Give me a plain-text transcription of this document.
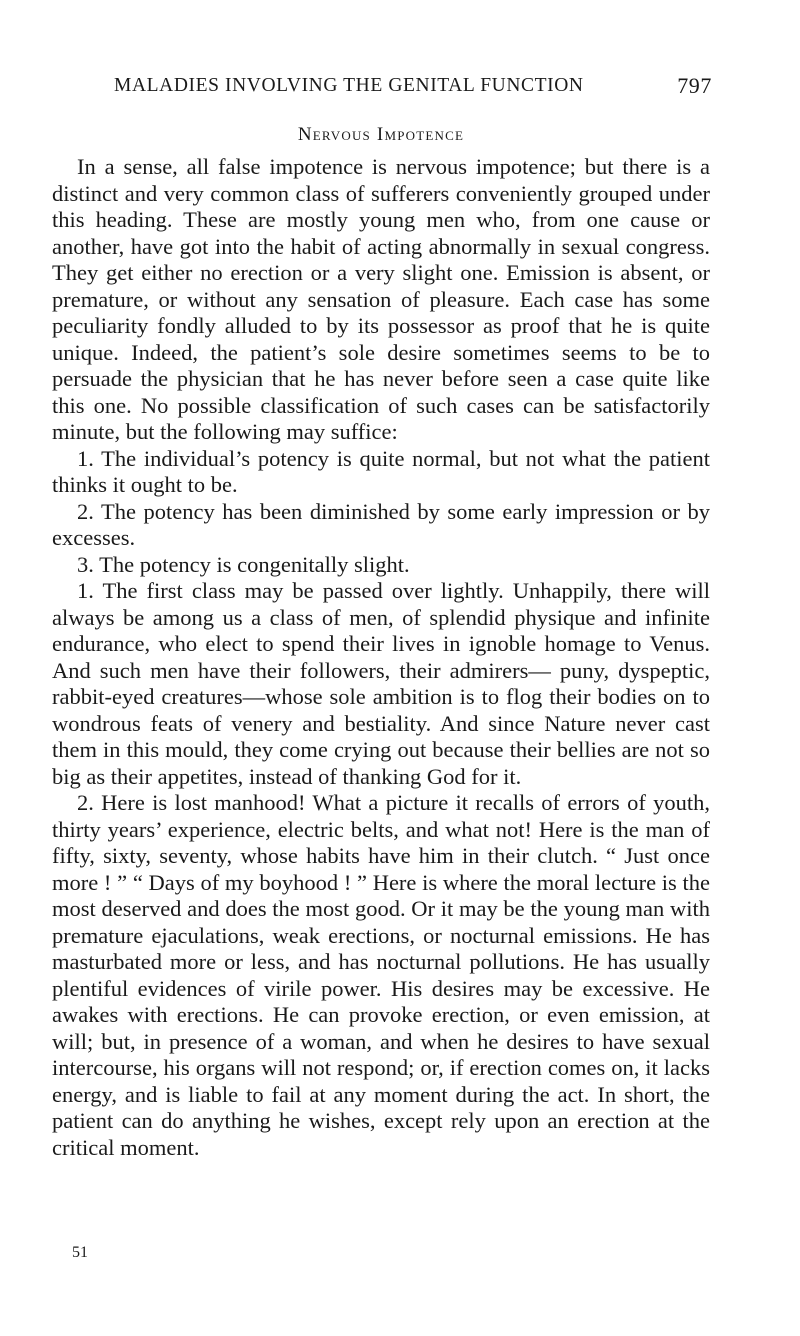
MALADIES INVOLVING THE GENITAL FUNCTION	797
Nervous Impotence

In a sense, all false impotence is nervous impotence; but there is a distinct and very common class of sufferers conveniently grouped under this heading. These are mostly young men who, from one cause or another, have got into the habit of acting abnormally in sexual congress. They get either no erection or a very slight one. Emission is absent, or premature, or without any sensation of pleasure. Each case has some peculiarity fondly alluded to by its possessor as proof that he is quite unique. Indeed, the patient’s sole desire sometimes seems to be to persuade the physician that he has never before seen a case quite like this one. No possible classification of such cases can be satisfactorily minute, but the following may suffice:

1. The individual’s potency is quite normal, but not what the patient thinks it ought to be.

2. The potency has been diminished by some early impression or by excesses.

3. The potency is congenitally slight.

1. The first class may be passed over lightly. Unhappily, there will always be among us a class of men, of splendid physique and infinite endurance, who elect to spend their lives in ignoble homage to Venus. And such men have their followers, their admirers— puny, dyspeptic, rabbit-eyed creatures—whose sole ambition is to flog their bodies on to wondrous feats of venery and bestiality. And since Nature never cast them in this mould, they come crying out because their bellies are not so big as their appetites, instead of thanking God for it.

2. Here is lost manhood! What a picture it recalls of errors of youth, thirty years’ experience, electric belts, and what not! Here is the man of fifty, sixty, seventy, whose habits have him in their clutch. “ Just once more ! ” “ Days of my boyhood ! ” Here is where the moral lecture is the most deserved and does the most good. Or it may be the young man with premature ejaculations, weak erections, or nocturnal emissions. He has masturbated more or less, and has nocturnal pollutions. He has usually plentiful evidences of virile power. His desires may be excessive. He awakes with erections. He can provoke erection, or even emission, at will; but, in presence of a woman, and when he desires to have sexual intercourse, his organs will not respond; or, if erection comes on, it lacks energy, and is liable to fail at any moment during the act. In short, the patient can do anything he wishes, except rely upon an erection at the critical moment.

51
